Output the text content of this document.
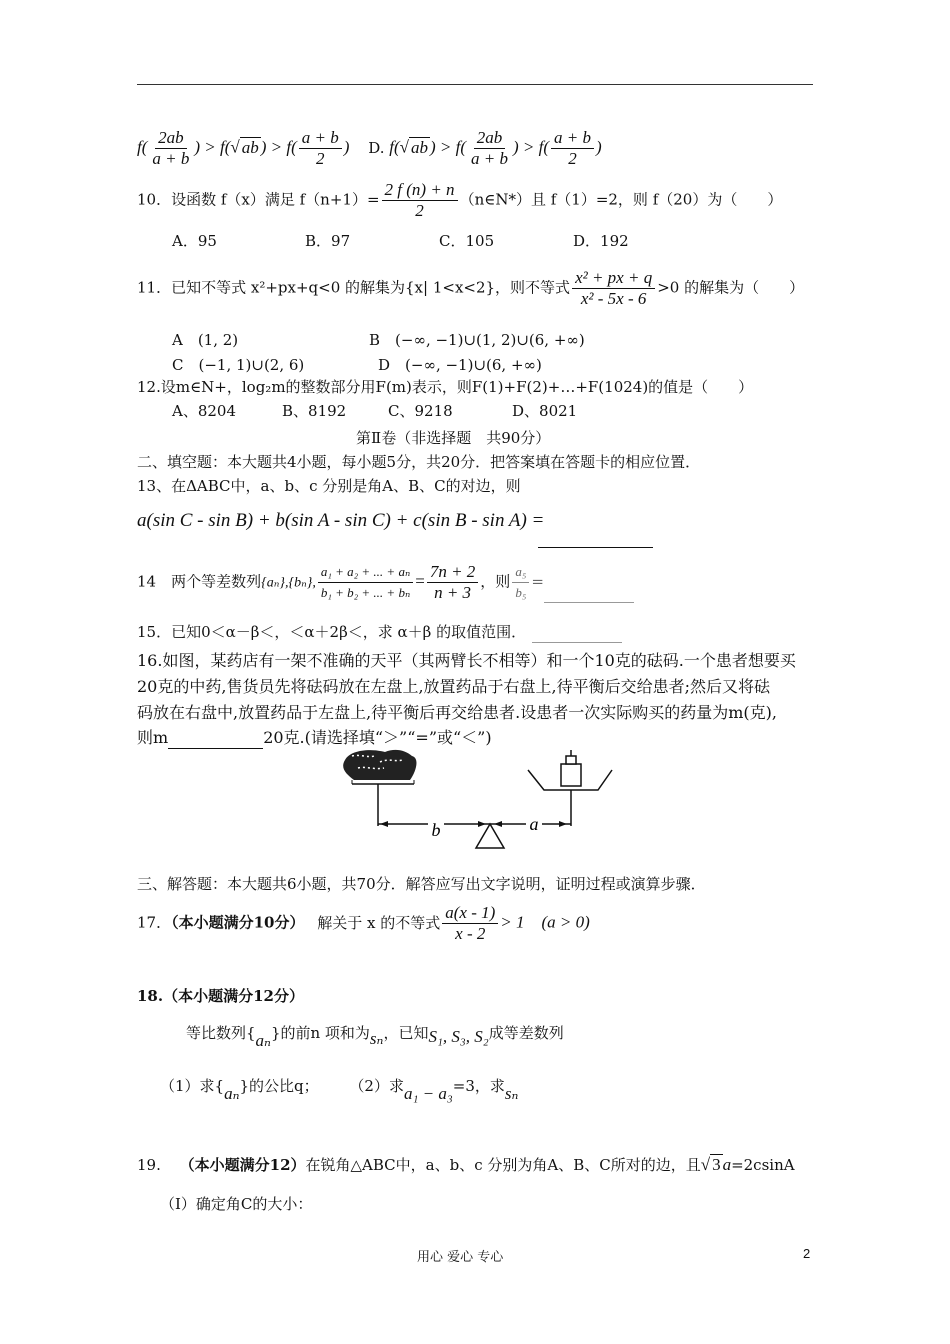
$f( \frac{2ab}{a + b}$ ) > f(√ ab ) > $f( \frac{a + b}{2}$ ) D. f(√ ab ) > $f( \frac{2ab}{a + b}$ ) > $f( \frac{a + b}{2}$ )
10．设函数 f（x）满足 $f(n+1)= \frac{2 f (n) + n}{2}$ （n∈N*）且 f（1）=2，则 f（20）为（　　）
A．95	B．97	C．105	D．192
11．已知不等式 x²+px+q<0 的解集为{x| 1<x<2}，则不等式 $\frac{\text{x² + px + q}}{\text{x² - 5x - 6}} >0$ 的解集为（　　）
A　(1, 2)	B　(−∞, −1)∪(1, 2)∪(6, +∞)
C　(−1, 1)∪(2, 6)	D　(−∞, −1)∪(6, +∞)
12.设m∈N+，log₂m的整数部分用F(m)表示，则F(1)+F(2)+…+F(1024)的值是（　　）
A、8204	B、8192	C、9218	D、8021
第Ⅱ卷（非选择题　共90分）
二、填空题：本大题共4小题，每小题5分，共20分．把答案填在答题卡的相应位置．
13、在ΔABC中，a、b、c 分别是角A、B、C的对边，则
a(sin C - sin B) + b(sin A - sin C) + c(sin B - sin A) =
14　两个等差数列{aₙ},{bₙ}, $\frac{\text{a₁ + a₂ + ... + aₙ}}{\text{b₁ + b₂ + ... + bₙ}} = \frac{7n + 2}{n + 3}$ ，则 $\frac{\text{a₅}}{\text{b₅}}$ =
15．已知0＜α－β＜，＜α＋2β＜，求 α＋β 的取值范围．
16.如图，某药店有一架不准确的天平（其两臂长不相等）和一个10克的砝码.一个患者想要买
20克的中药,售货员先将砝码放在左盘上,放置药品于右盘上,待平衡后交给患者;然后又将砝
码放在右盘中,放置药品于左盘上,待平衡后再交给患者.设患者一次实际购买的药量为m(克),
则m	20克.(请选择填“＞”“=”或“＜”)
b	a
三、解答题：本大题共6小题，共70分．解答应写出文字说明，证明过程或演算步骤．
17．（本小题满分10分） 解关于 x 的不等式 $\frac{a(x - 1)}{x - 2} > 1$　(a > 0)
18.（本小题满分12分）
等比数列{aₙ}的前n 项和为sₙ，已知S₁, S₃, S₂成等差数列
（1）求{aₙ}的公比q； （2）求a₁ − a₃=3，求sₙ
19. （本小题满分12）在锐角△ABC中，a、b、c 分别为角A、B、C所对的边，且√ 3 a=2csinA
（Ⅰ）确定角C的大小：
用心 爱心 专心	2
